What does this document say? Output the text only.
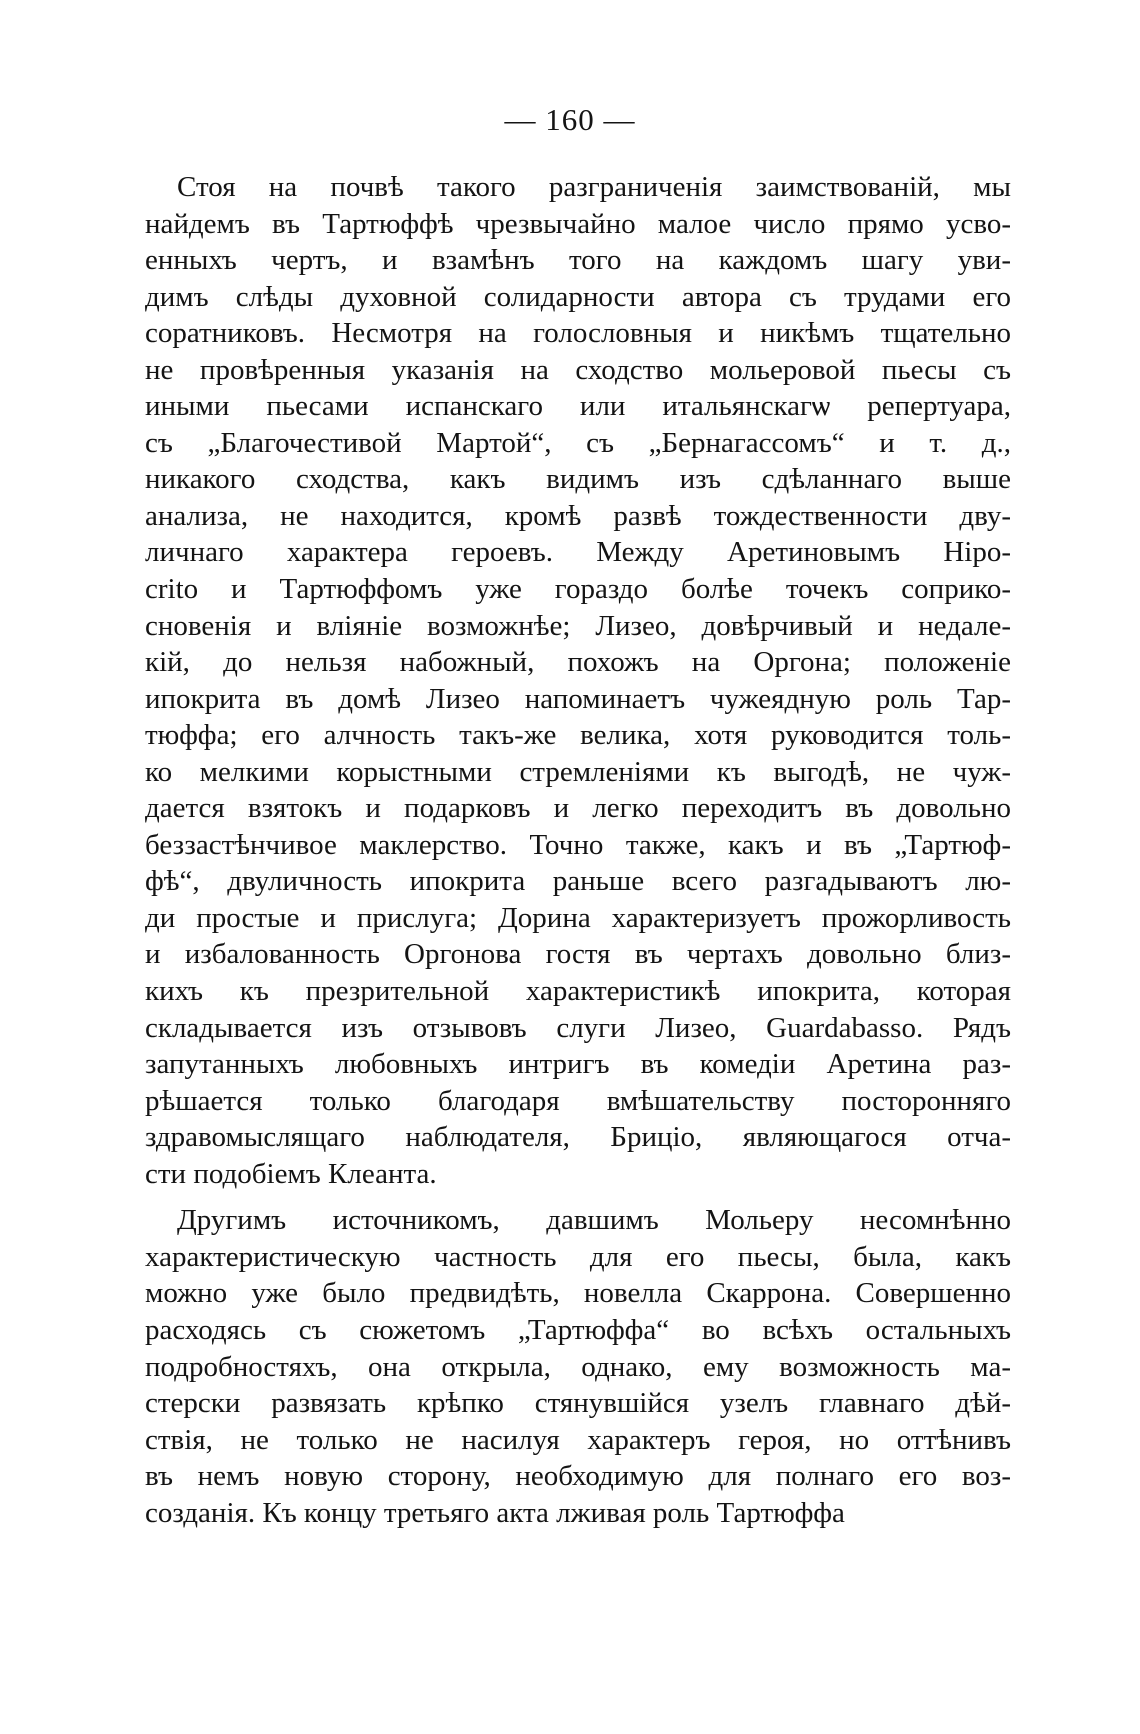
— 160 —
Стоя на почвѣ такого разграниченія заимствованій, мы
найдемъ въ Тартюффѣ чрезвычайно малое число прямо усво-
енныхъ чертъ, и взамѣнъ того на каждомъ шагу уви-
димъ слѣды духовной солидарности автора съ трудами его
соратниковъ. Несмотря на голословныя и никѣмъ тщательно
не провѣренныя указанія на сходство мольеровой пьесы съ
иными пьесами испанскаго или итальянскагѡ репертуара,
съ „Благочестивой Мартой“, съ „Бернагассомъ“ и т. д.,
никакого сходства, какъ видимъ изъ сдѣланнаго выше
анализа, не находится, кромѣ развѣ тождественности дву-
личнаго характера героевъ. Между Аретиновымъ Hipo-
crito и Тартюффомъ уже гораздо болѣе точекъ соприко-
сновенія и вліяніе возможнѣе; Лизео, довѣрчивый и недале-
кій, до нельзя набожный, похожъ на Оргона; положеніе
ипокрита въ домѣ Лизео напоминаетъ чужеядную роль Тар-
тюффа; его алчность такъ-же велика, хотя руководится толь-
ко мелкими корыстными стремленіями къ выгодѣ, не чуж-
дается взятокъ и подарковъ и легко переходитъ въ довольно
беззастѣнчивое маклерство. Точно также, какъ и въ „Тартюф-
фѣ“, двуличность ипокрита раньше всего разгадываютъ лю-
ди простые и прислуга; Дорина характеризуетъ прожорливость
и избалованность Оргонова гостя въ чертахъ довольно близ-
кихъ къ презрительной характеристикѣ ипокрита, которая
складывается изъ отзывовъ слуги Лизео, Guardabasso. Рядъ
запутанныхъ любовныхъ интригъ въ комедіи Аретина раз-
рѣшается только благодаря вмѣшательству посторонняго
здравомыслящаго наблюдателя, Бриціо, являющагося отча-
сти подобіемъ Клеанта.
Другимъ источникомъ, давшимъ Мольеру несомнѣнно
характеристическую частность для его пьесы, была, какъ
можно уже было предвидѣть, новелла Скаррона. Совершенно
расходясь съ сюжетомъ „Тартюффа“ во всѣхъ остальныхъ
подробностяхъ, она открыла, однако, ему возможность ма-
стерски развязать крѣпко стянувшійся узелъ главнаго дѣй-
ствія, не только не насилуя характеръ героя, но оттѣнивъ
въ немъ новую сторону, необходимую для полнаго его воз-
созданія. Къ концу третьяго акта лживая роль Тартюффа
